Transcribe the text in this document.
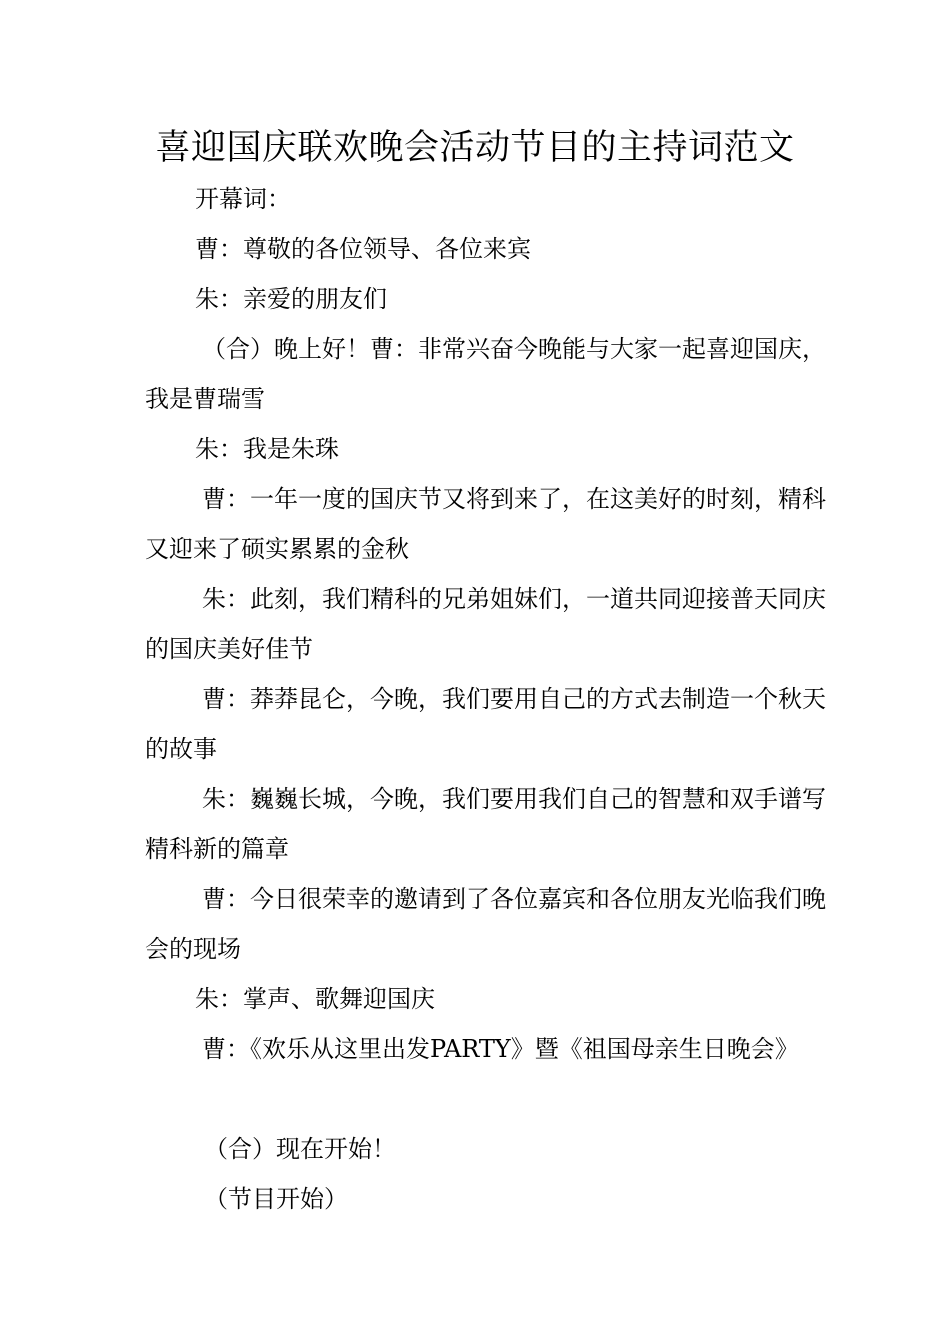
喜迎国庆联欢晚会活动节目的主持词范文

开幕词：

曹：尊敬的各位领导、各位来宾

朱：亲爱的朋友们

（合）晚上好！曹：非常兴奋今晚能与大家一起喜迎国庆，我是曹瑞雪

朱：我是朱珠

曹：一年一度的国庆节又将到来了，在这美好的时刻，精科又迎来了硕实累累的金秋

朱：此刻，我们精科的兄弟姐妹们，一道共同迎接普天同庆的国庆美好佳节

曹：莽莽昆仑，今晚，我们要用自己的方式去制造一个秋天的故事

朱：巍巍长城，今晚，我们要用我们自己的智慧和双手谱写精科新的篇章

曹：今日很荣幸的邀请到了各位嘉宾和各位朋友光临我们晚会的现场

朱：掌声、歌舞迎国庆

曹：《欢乐从这里出发PARTY》暨《祖国母亲生日晚会》

（合）现在开始！

（节目开始）
